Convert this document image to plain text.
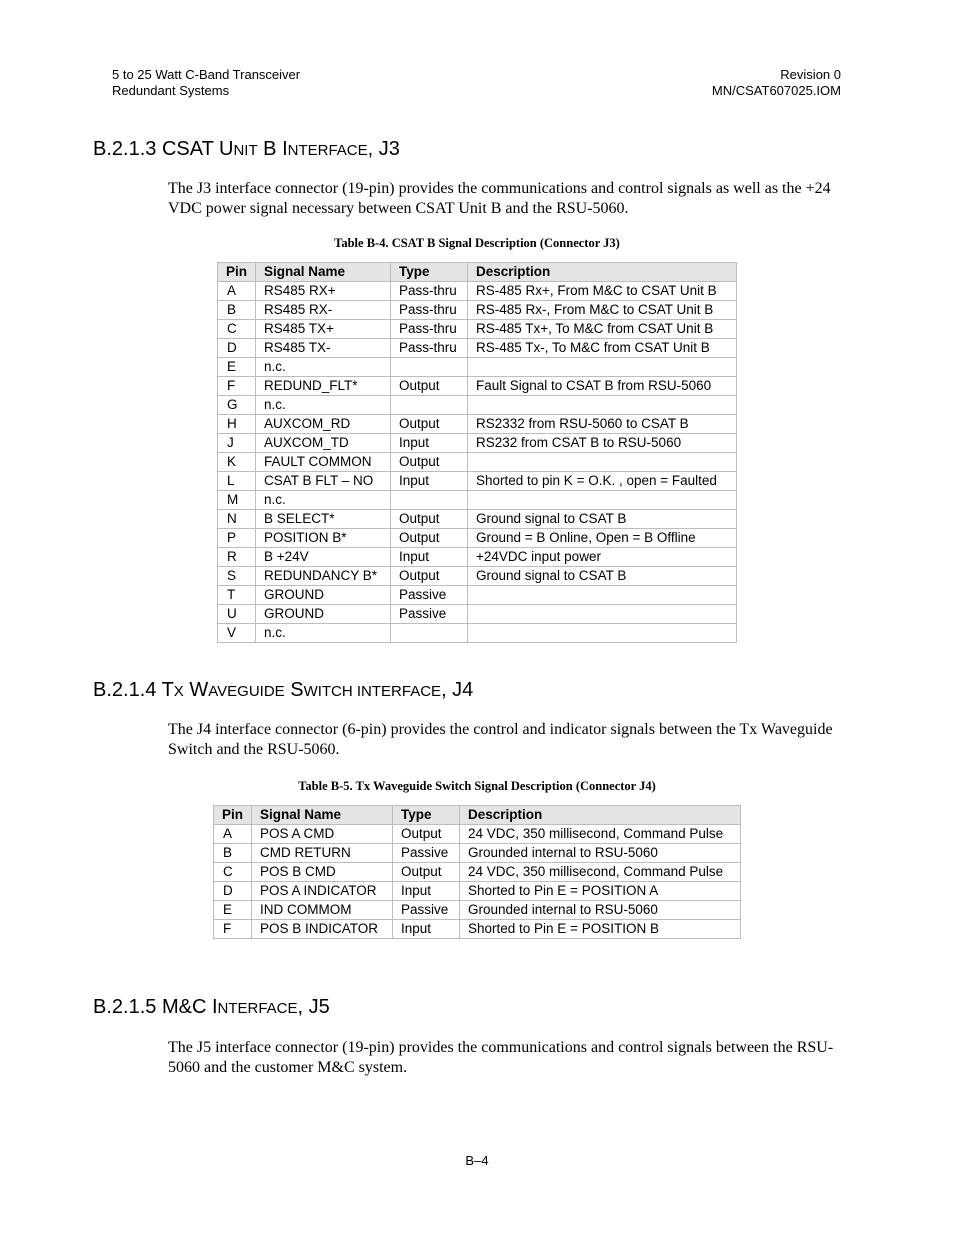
5 to 25 Watt C-Band Transceiver
Redundant Systems
Revision 0
MN/CSAT607025.IOM
B.2.1.3 CSAT UNIT B INTERFACE, J3

The J3 interface connector (19-pin) provides the communications and control signals as well as the +24 VDC power signal necessary between CSAT Unit B and the RSU-5060.

Table B-4. CSAT B Signal Description (Connector J3)
Pin	Signal Name	Type	Description
A	RS485 RX+	Pass-thru	RS-485 Rx+, From M&C to CSAT Unit B
B	RS485 RX-	Pass-thru	RS-485 Rx-, From M&C to CSAT Unit B
C	RS485 TX+	Pass-thru	RS-485 Tx+, To M&C from CSAT Unit B
D	RS485 TX-	Pass-thru	RS-485 Tx-, To M&C from CSAT Unit B
E	n.c.		
F	REDUND_FLT*	Output	Fault Signal to CSAT B from RSU-5060
G	n.c.		
H	AUXCOM_RD	Output	RS2332 from RSU-5060 to CSAT B
J	AUXCOM_TD	Input	RS232 from CSAT B to RSU-5060
K	FAULT COMMON	Output	
L	CSAT B FLT – NO	Input	Shorted to pin K = O.K. , open = Faulted
M	n.c.		
N	B SELECT*	Output	Ground signal to CSAT B
P	POSITION B*	Output	Ground = B Online, Open = B Offline
R	B +24V	Input	+24VDC input power
S	REDUNDANCY B*	Output	Ground signal to CSAT B
T	GROUND	Passive	
U	GROUND	Passive	
V	n.c.		
B.2.1.4 TX WAVEGUIDE SWITCH INTERFACE, J4

The J4 interface connector (6-pin) provides the control and indicator signals between the Tx Waveguide Switch and the RSU-5060.

Table B-5. Tx Waveguide Switch Signal Description (Connector J4)
Pin	Signal Name	Type	Description
A	POS A CMD	Output	24 VDC, 350 millisecond, Command Pulse
B	CMD RETURN	Passive	Grounded internal to RSU-5060
C	POS B CMD	Output	24 VDC, 350 millisecond, Command Pulse
D	POS A INDICATOR	Input	Shorted to Pin E = POSITION A
E	IND COMMOM	Passive	Grounded internal to RSU-5060
F	POS B INDICATOR	Input	Shorted to Pin E = POSITION B
B.2.1.5 M&C INTERFACE, J5

The J5 interface connector (19-pin) provides the communications and control signals between the RSU-5060 and the customer M&C system.

B–4
